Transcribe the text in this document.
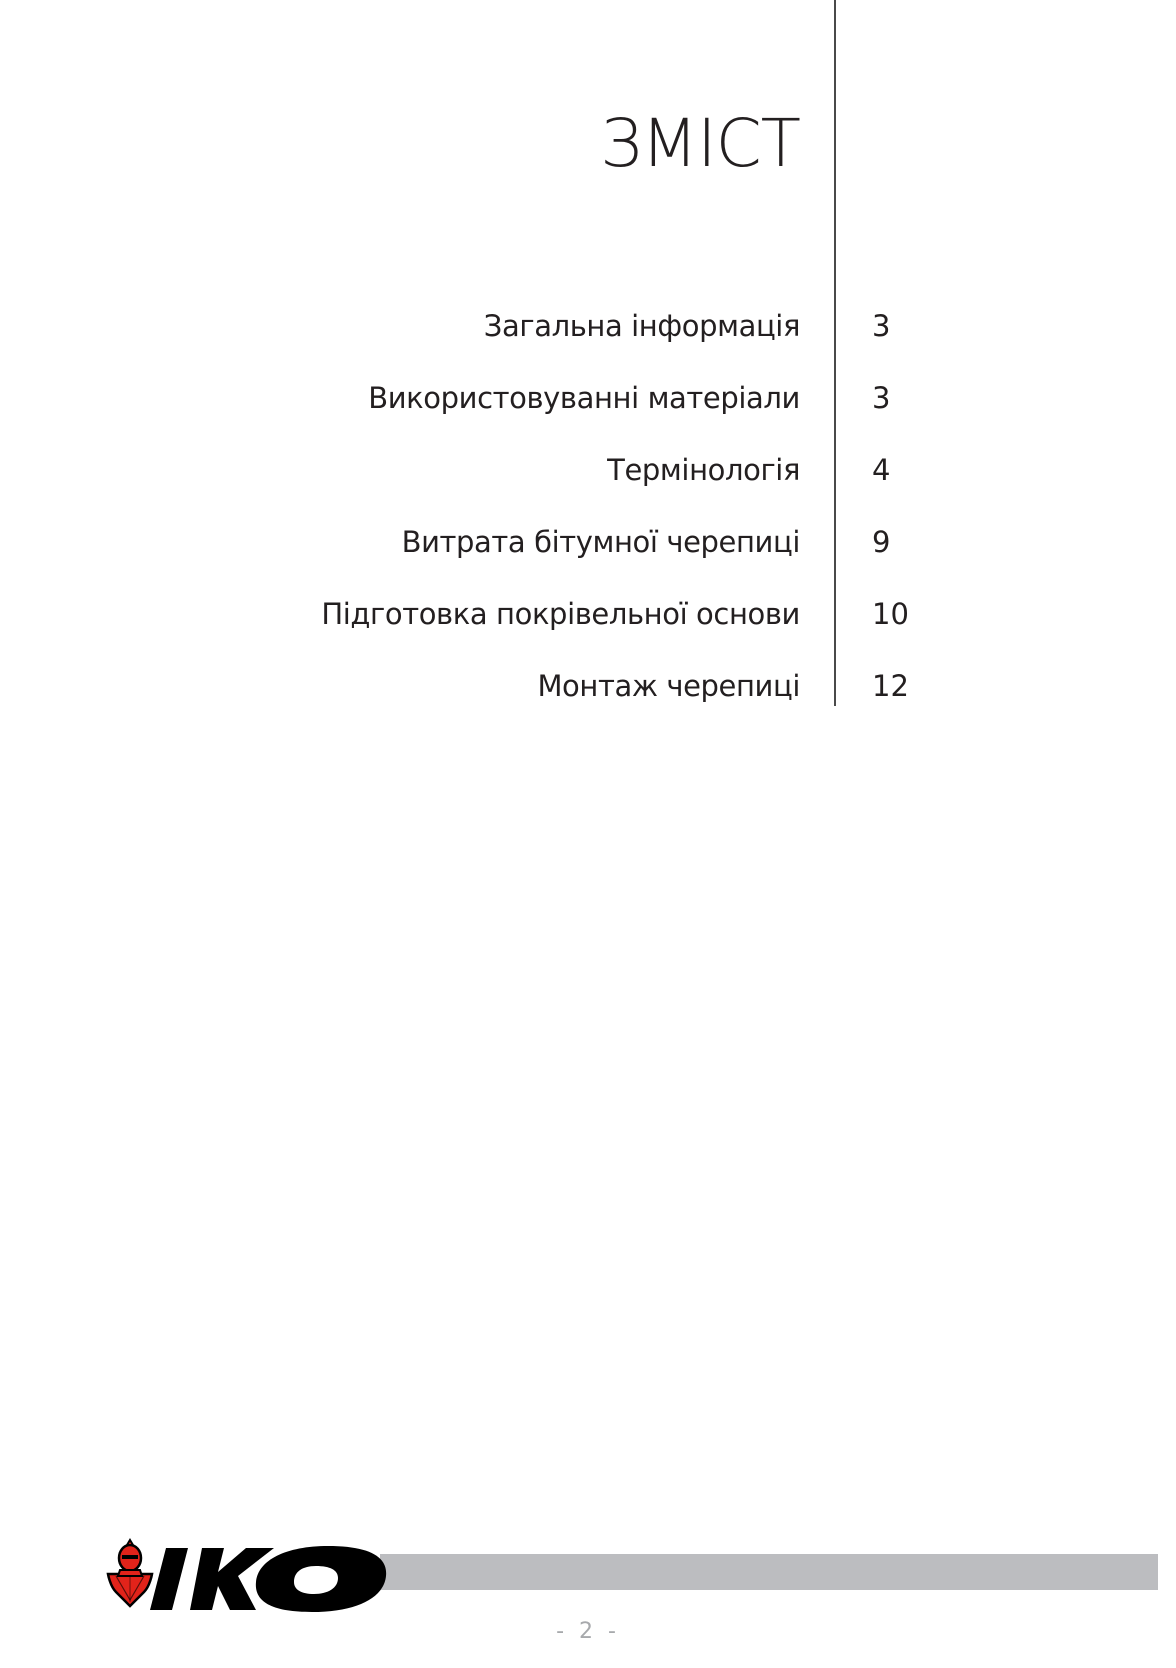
ЗМІСТ
Загальна інформація 3
Використовуванні матеріали 3
Термінологія 4
Витрата бітумної черепиці 9
Підготовка покрівельної основи 10
Монтаж черепиці 12
- 2 -
